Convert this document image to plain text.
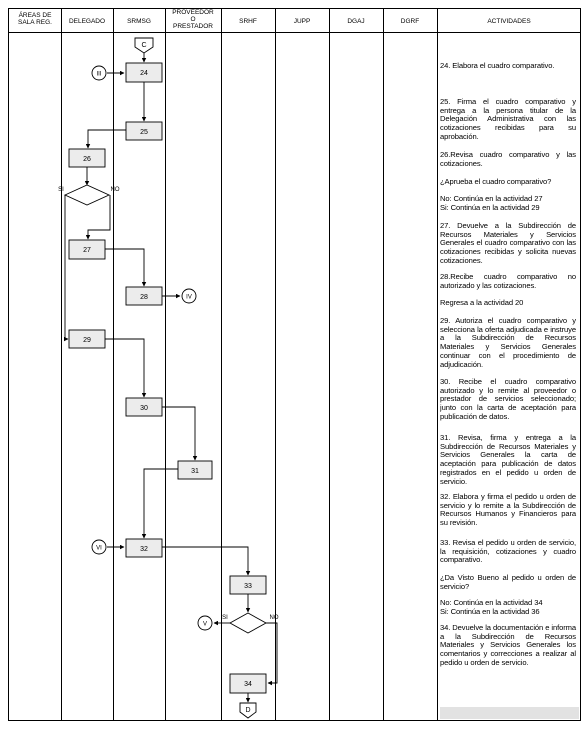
ÁREAS DE SALA REG.	DELEGADO	SRMSG
PROVEEDOR O PRESTADOR
SRHF	JUPP	DGAJ	DGRF	ACTIVIDADES
C
III	24
25
26
SI	NO
27
28	IV
29
30
31
VI	32
33
SI	NO
V
34
D

24. Elabora el cuadro comparativo.

25. Firma el cuadro comparativo y entrega a la persona titular de la Delegación Administrativa con las cotizaciones recibidas para su aprobación.

26.Revisa cuadro comparativo y las cotizaciones.

¿Aprueba el cuadro comparativo?

No: Continúa en la actividad 27
Si: Continúa en la actividad 29

27. Devuelve a la Subdirección de Recursos Materiales y Servicios Generales el cuadro comparativo con las cotizaciones recibidas y solicita nuevas cotizaciones.

28.Recibe cuadro comparativo no autorizado y las cotizaciones.

Regresa a la actividad 20

29. Autoriza el cuadro comparativo y selecciona la oferta adjudicada e instruye a la Subdirección de Recursos Materiales y Servicios Generales continuar con el procedimiento de adjudicación.

30. Recibe el cuadro comparativo autorizado y lo remite al proveedor o prestador de servicios seleccionado; junto con la carta de aceptación para publicación de datos.

31. Revisa, firma y entrega a la Subdirección de Recursos Materiales y Servicios Generales la carta de aceptación para publicación de datos registrados en el pedido u orden de servicio.

32. Elabora y firma el pedido u orden de servicio y lo remite a la Subdirección de Recursos Humanos y Financieros para su revisión.

33. Revisa el pedido u orden de servicio, la requisición, cotizaciones y cuadro comparativo.

¿Da Visto Bueno al pedido u orden de servicio?

No: Continúa en la actividad 34
Si: Continúa en la actividad 36

34. Devuelve la documentación e informa a la Subdirección de Recursos Materiales y Servicios Generales los comentarios y correcciones a realizar al pedido u orden de servicio.
